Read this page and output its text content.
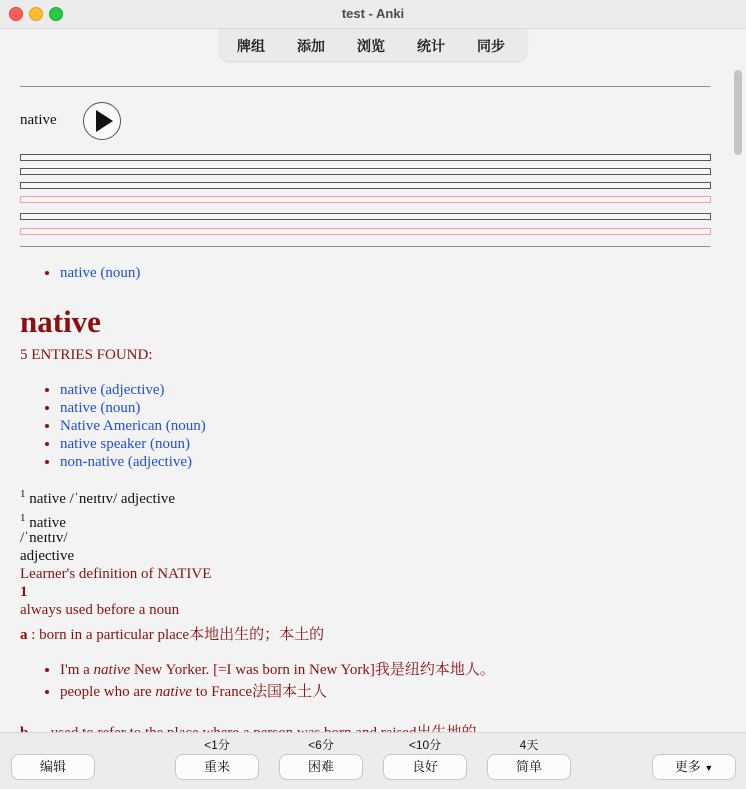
test - Anki
牌组 添加 浏览 统计 同步
native
• native (noun)
native
5 ENTRIES FOUND:
• native (adjective)
• native (noun)
• Native American (noun)
• native speaker (noun)
• non-native (adjective)
$^1$ native /ˈneɪtɪv/ adjective
$^1$ native
/ˈneɪtɪv/
adjective
Learner's definition of NATIVE
1
always used before a noun
a : born in a particular place本地出生的；本土的
• I'm a native New Yorker. [=I was born in New York]我是纽约本地人。
• people who are native to France法国本土人
编辑
<1分
重来
<6分
困难
<10分
良好
4天
简单	更多 ▼
